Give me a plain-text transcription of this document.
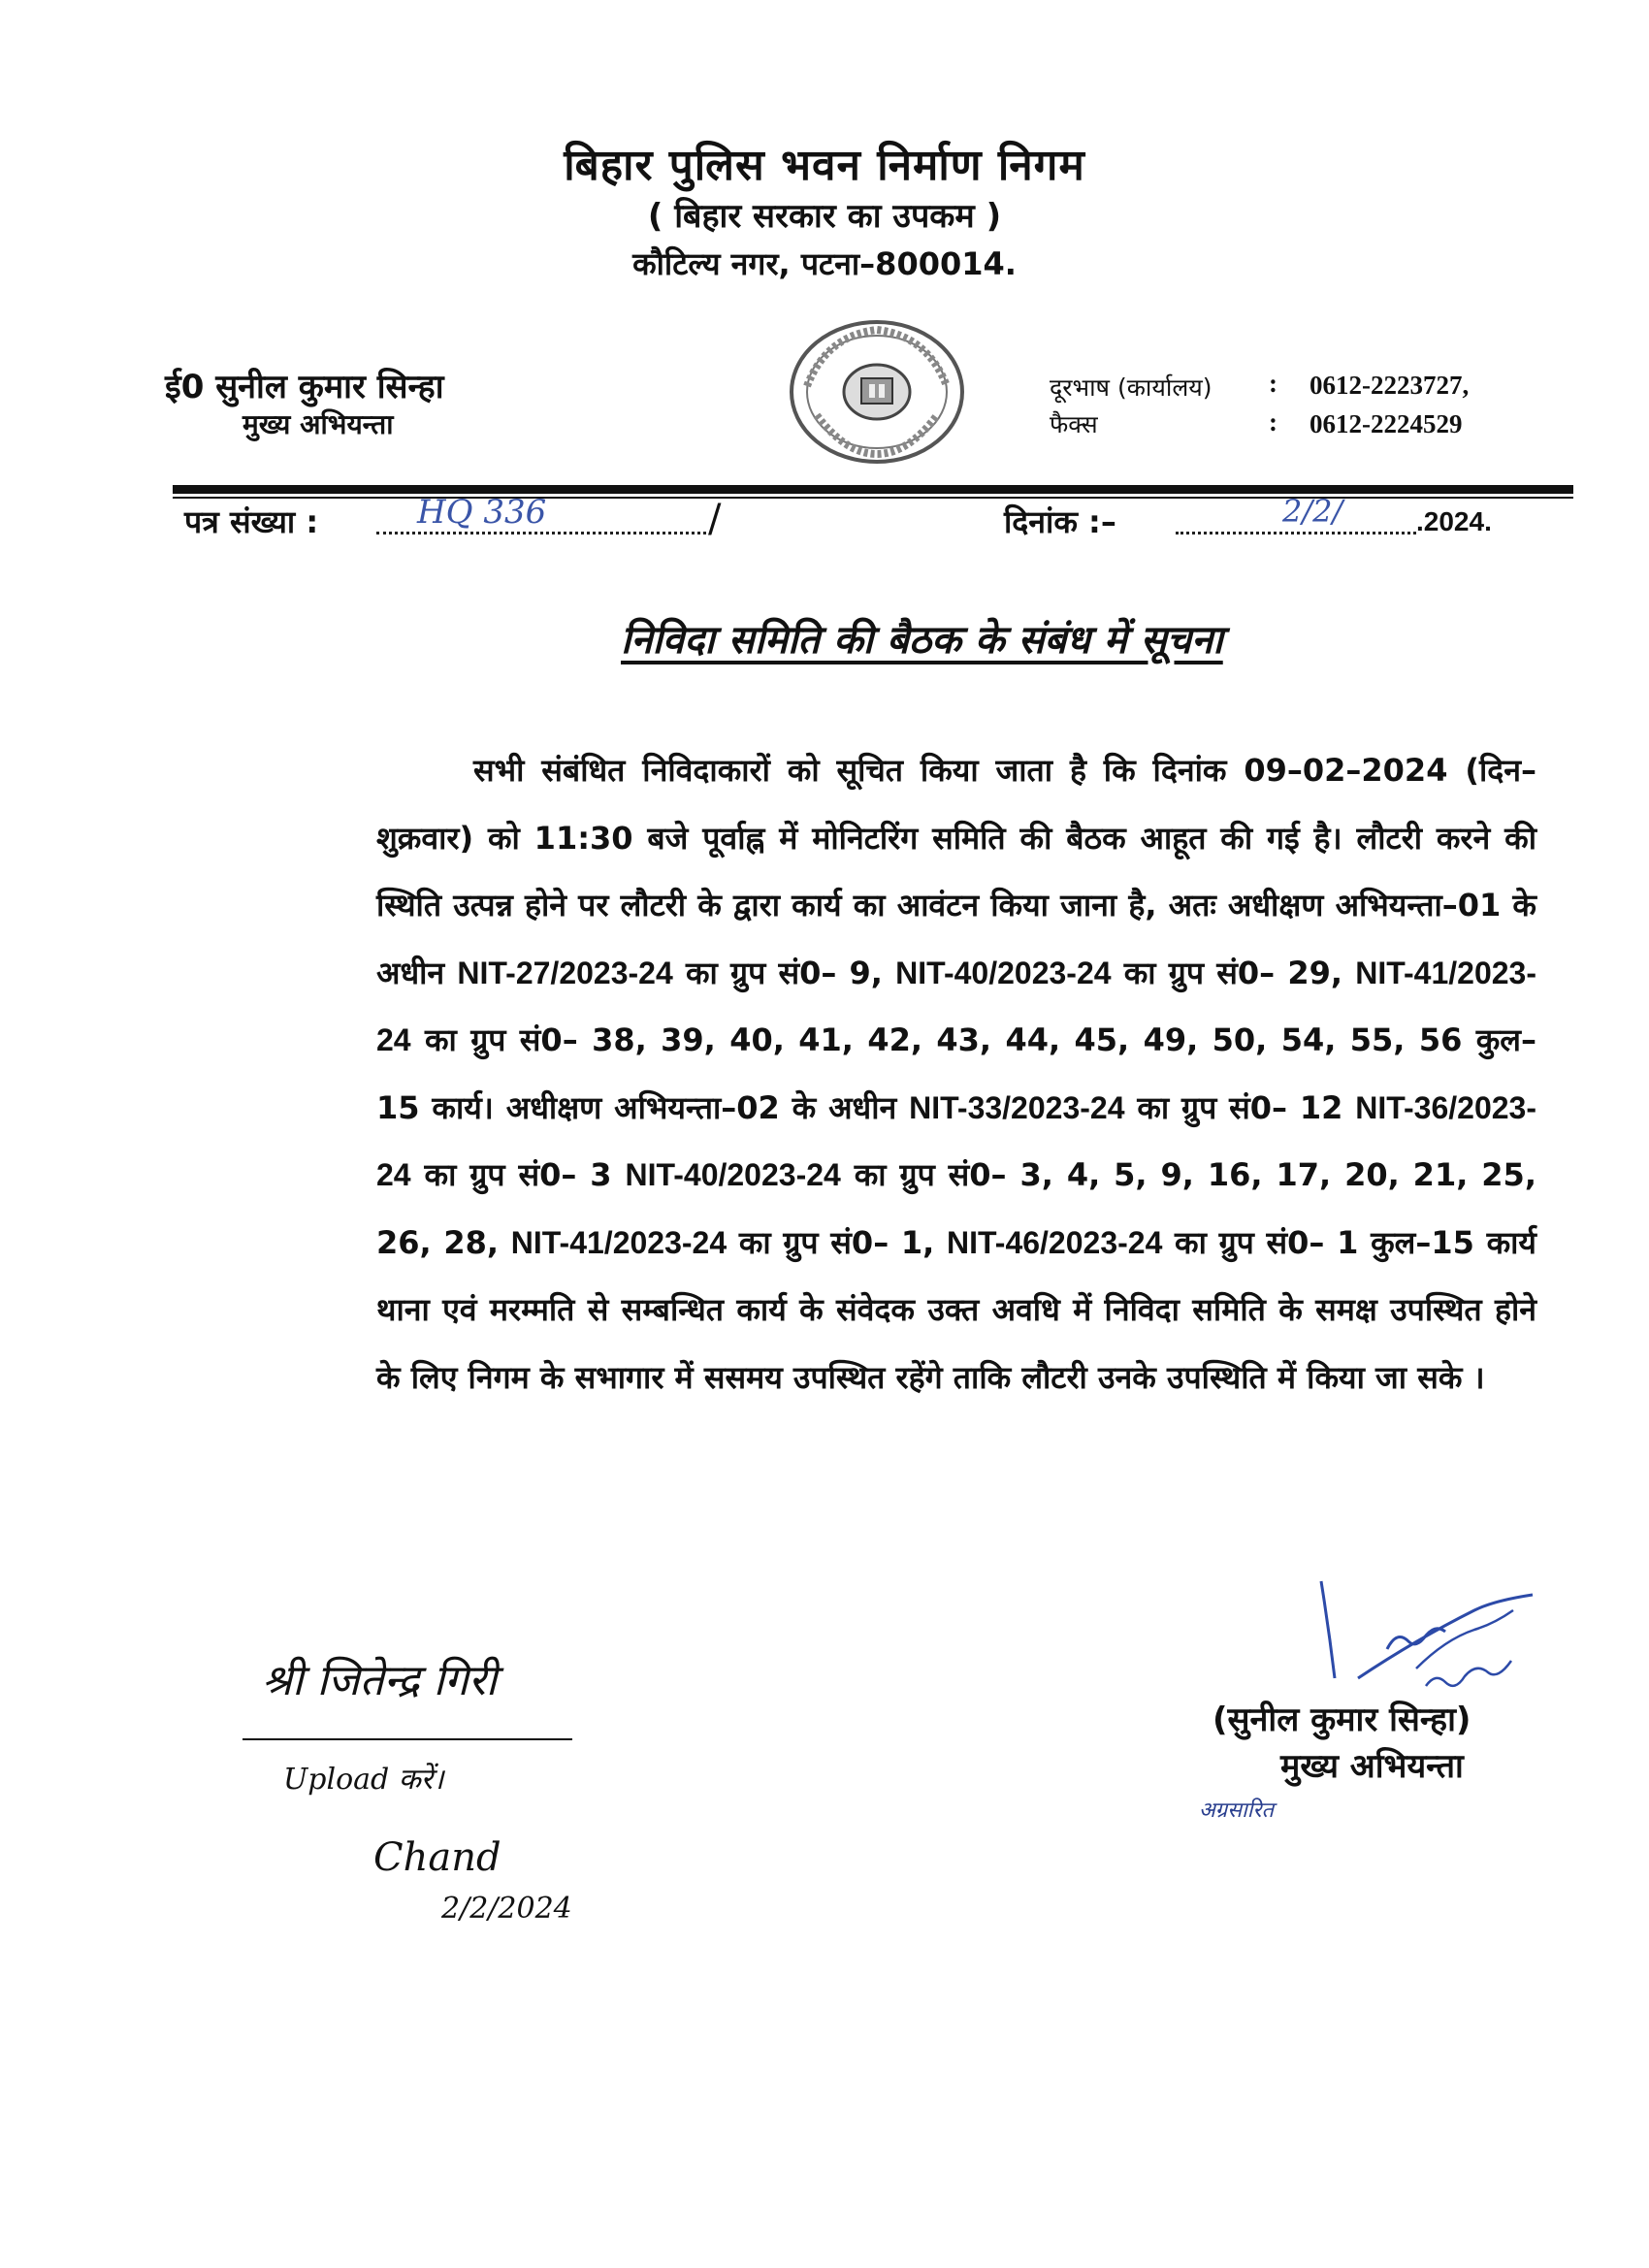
बिहार पुलिस भवन निर्माण निगम
( बिहार सरकार का उपकम )
कौटिल्य नगर, पटना–800014.
ई0 सुनील कुमार सिन्हा
मुख्य अभियन्ता
दूरभाष (कार्यालय) : 0612-2223727,
फैक्स	: 0612-2224529
पत्र संख्या :	HQ 336	/	दिनांक :–	2/2/	.2024.
निविदा समिति की बैठक के संबंध में सूचना

सभी संबंधित निविदाकारों को सूचित किया जाता है कि दिनांक 09–02–2024 (दिन– शुक्रवार) को 11:30 बजे पूर्वाह्न में मोनिटरिंग समिति की बैठक आहूत की गई है। लौटरी करने की स्थिति उत्पन्न होने पर लौटरी के द्वारा कार्य का आवंटन किया जाना है, अतः अधीक्षण अभियन्ता–01 के अधीन NIT-27/2023-24 का ग्रुप सं0– 9, NIT-40/2023-24 का ग्रुप सं0– 29, NIT-41/2023-24 का ग्रुप सं0– 38, 39, 40, 41, 42, 43, 44, 45, 49, 50, 54, 55, 56 कुल– 15 कार्य। अधीक्षण अभियन्ता–02 के अधीन NIT-33/2023-24 का ग्रुप सं0– 12 NIT-36/2023-24 का ग्रुप सं0– 3 NIT-40/2023-24 का ग्रुप सं0– 3, 4, 5, 9, 16, 17, 20, 21, 25, 26, 28, NIT-41/2023-24 का ग्रुप सं0– 1, NIT-46/2023-24 का ग्रुप सं0– 1 कुल–15 कार्य थाना एवं मरम्मति से सम्बन्धित कार्य के संवेदक उक्त अवधि में निविदा समिति के समक्ष उपस्थित होने के लिए निगम के सभागार में ससमय उपस्थित रहेंगे ताकि लौटरी उनके उपस्थिति में किया जा सके ।

(सुनील कुमार सिन्हा)
मुख्य अभियन्ता
अग्रसारित
श्री जितेन्द्र गिरी
Upload करें।
Chand
2/2/2024
